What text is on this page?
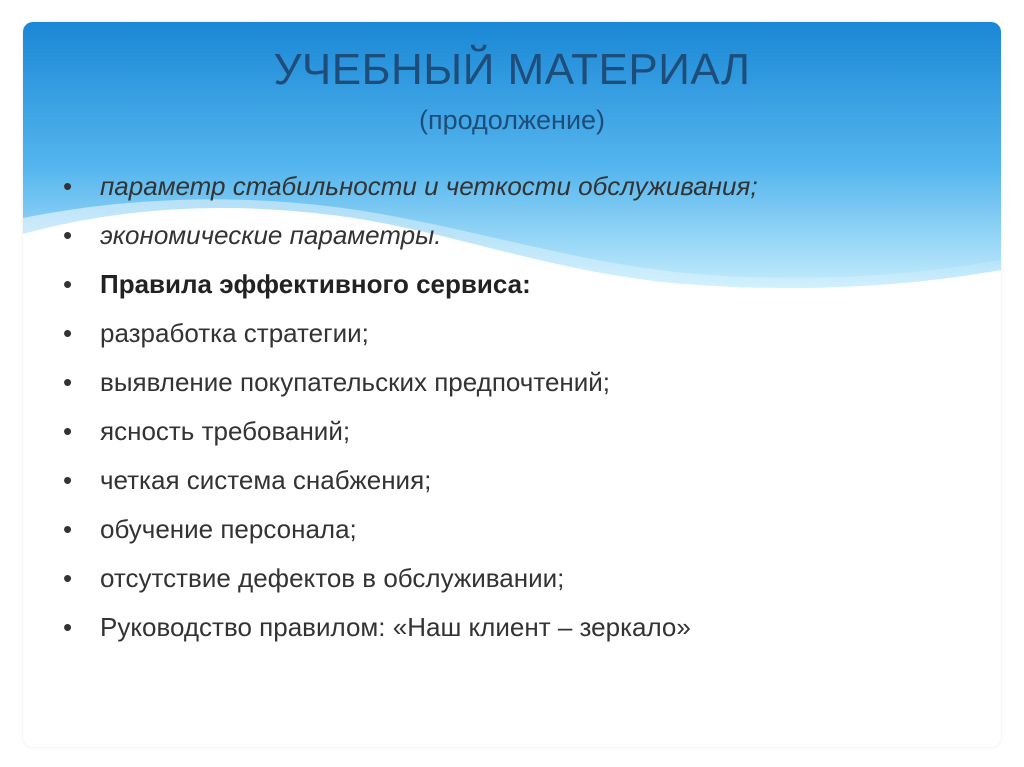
УЧЕБНЫЙ МАТЕРИАЛ
(продолжение)
•	параметр стабильности и четкости обслуживания;
•	экономические параметры.
•	Правила эффективного сервиса:
•	разработка стратегии;
•	выявление покупательских предпочтений;
•	ясность требований;
•	четкая система снабжения;
•	обучение персонала;
•	отсутствие дефектов в обслуживании;
•	Руководство правилом: «Наш клиент – зеркало»
